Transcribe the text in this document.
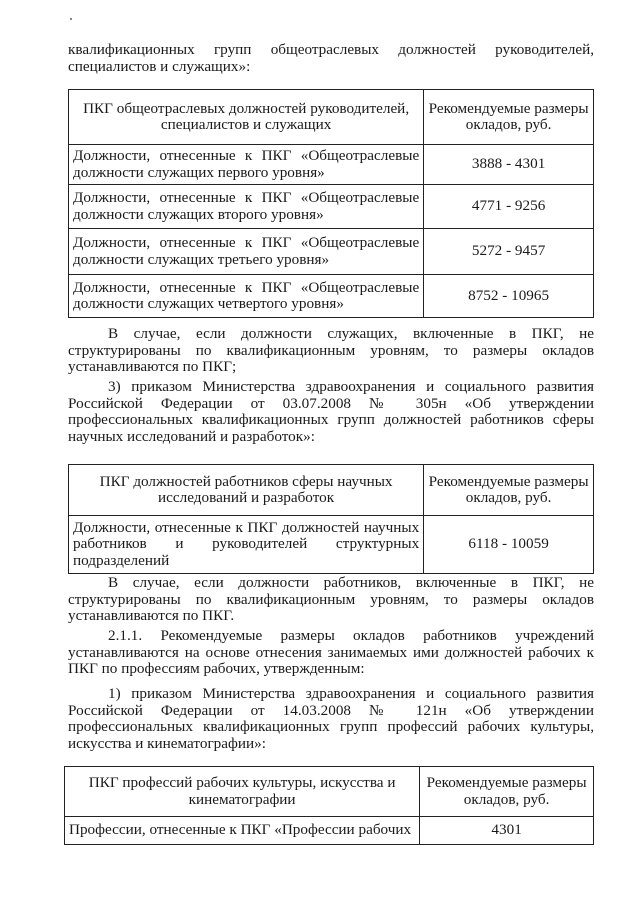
квалификационных групп общеотраслевых должностей руководителей, специалистов и служащих»:

ПКГ общеотраслевых должностей руководителей, специалистов и служащих	Рекомендуемые размеры окладов, руб.
Должности, отнесенные к ПКГ «Общеотраслевые должности служащих первого уровня»	3888 - 4301
Должности, отнесенные к ПКГ «Общеотраслевые должности служащих второго уровня»	4771 - 9256
Должности, отнесенные к ПКГ «Общеотраслевые должности служащих третьего уровня»	5272 - 9457
Должности, отнесенные к ПКГ «Общеотраслевые должности служащих четвертого уровня»	8752 - 10965

В случае, если должности служащих, включенные в ПКГ, не структурированы по квалификационным уровням, то размеры окладов устанавливаются по ПКГ;

3) приказом Министерства здравоохранения и социального развития Российской Федерации от 03.07.2008 № 305н «Об утверждении профессиональных квалификационных групп должностей работников сферы научных исследований и разработок»:

ПКГ должностей работников сферы научных исследований и разработок	Рекомендуемые размеры окладов, руб.
Должности, отнесенные к ПКГ должностей научных работников и руководителей структурных подразделений	6118 - 10059

В случае, если должности работников, включенные в ПКГ, не структурированы по квалификационным уровням, то размеры окладов устанавливаются по ПКГ.

2.1.1. Рекомендуемые размеры окладов работников учреждений устанавливаются на основе отнесения занимаемых ими должностей рабочих к ПКГ по профессиям рабочих, утвержденным:

1) приказом Министерства здравоохранения и социального развития Российской Федерации от 14.03.2008 № 121н «Об утверждении профессиональных квалификационных групп профессий рабочих культуры, искусства и кинематографии»:

ПКГ профессий рабочих культуры, искусства и кинематографии	Рекомендуемые размеры окладов, руб.
Профессии, отнесенные к ПКГ «Профессии рабочих	4301
